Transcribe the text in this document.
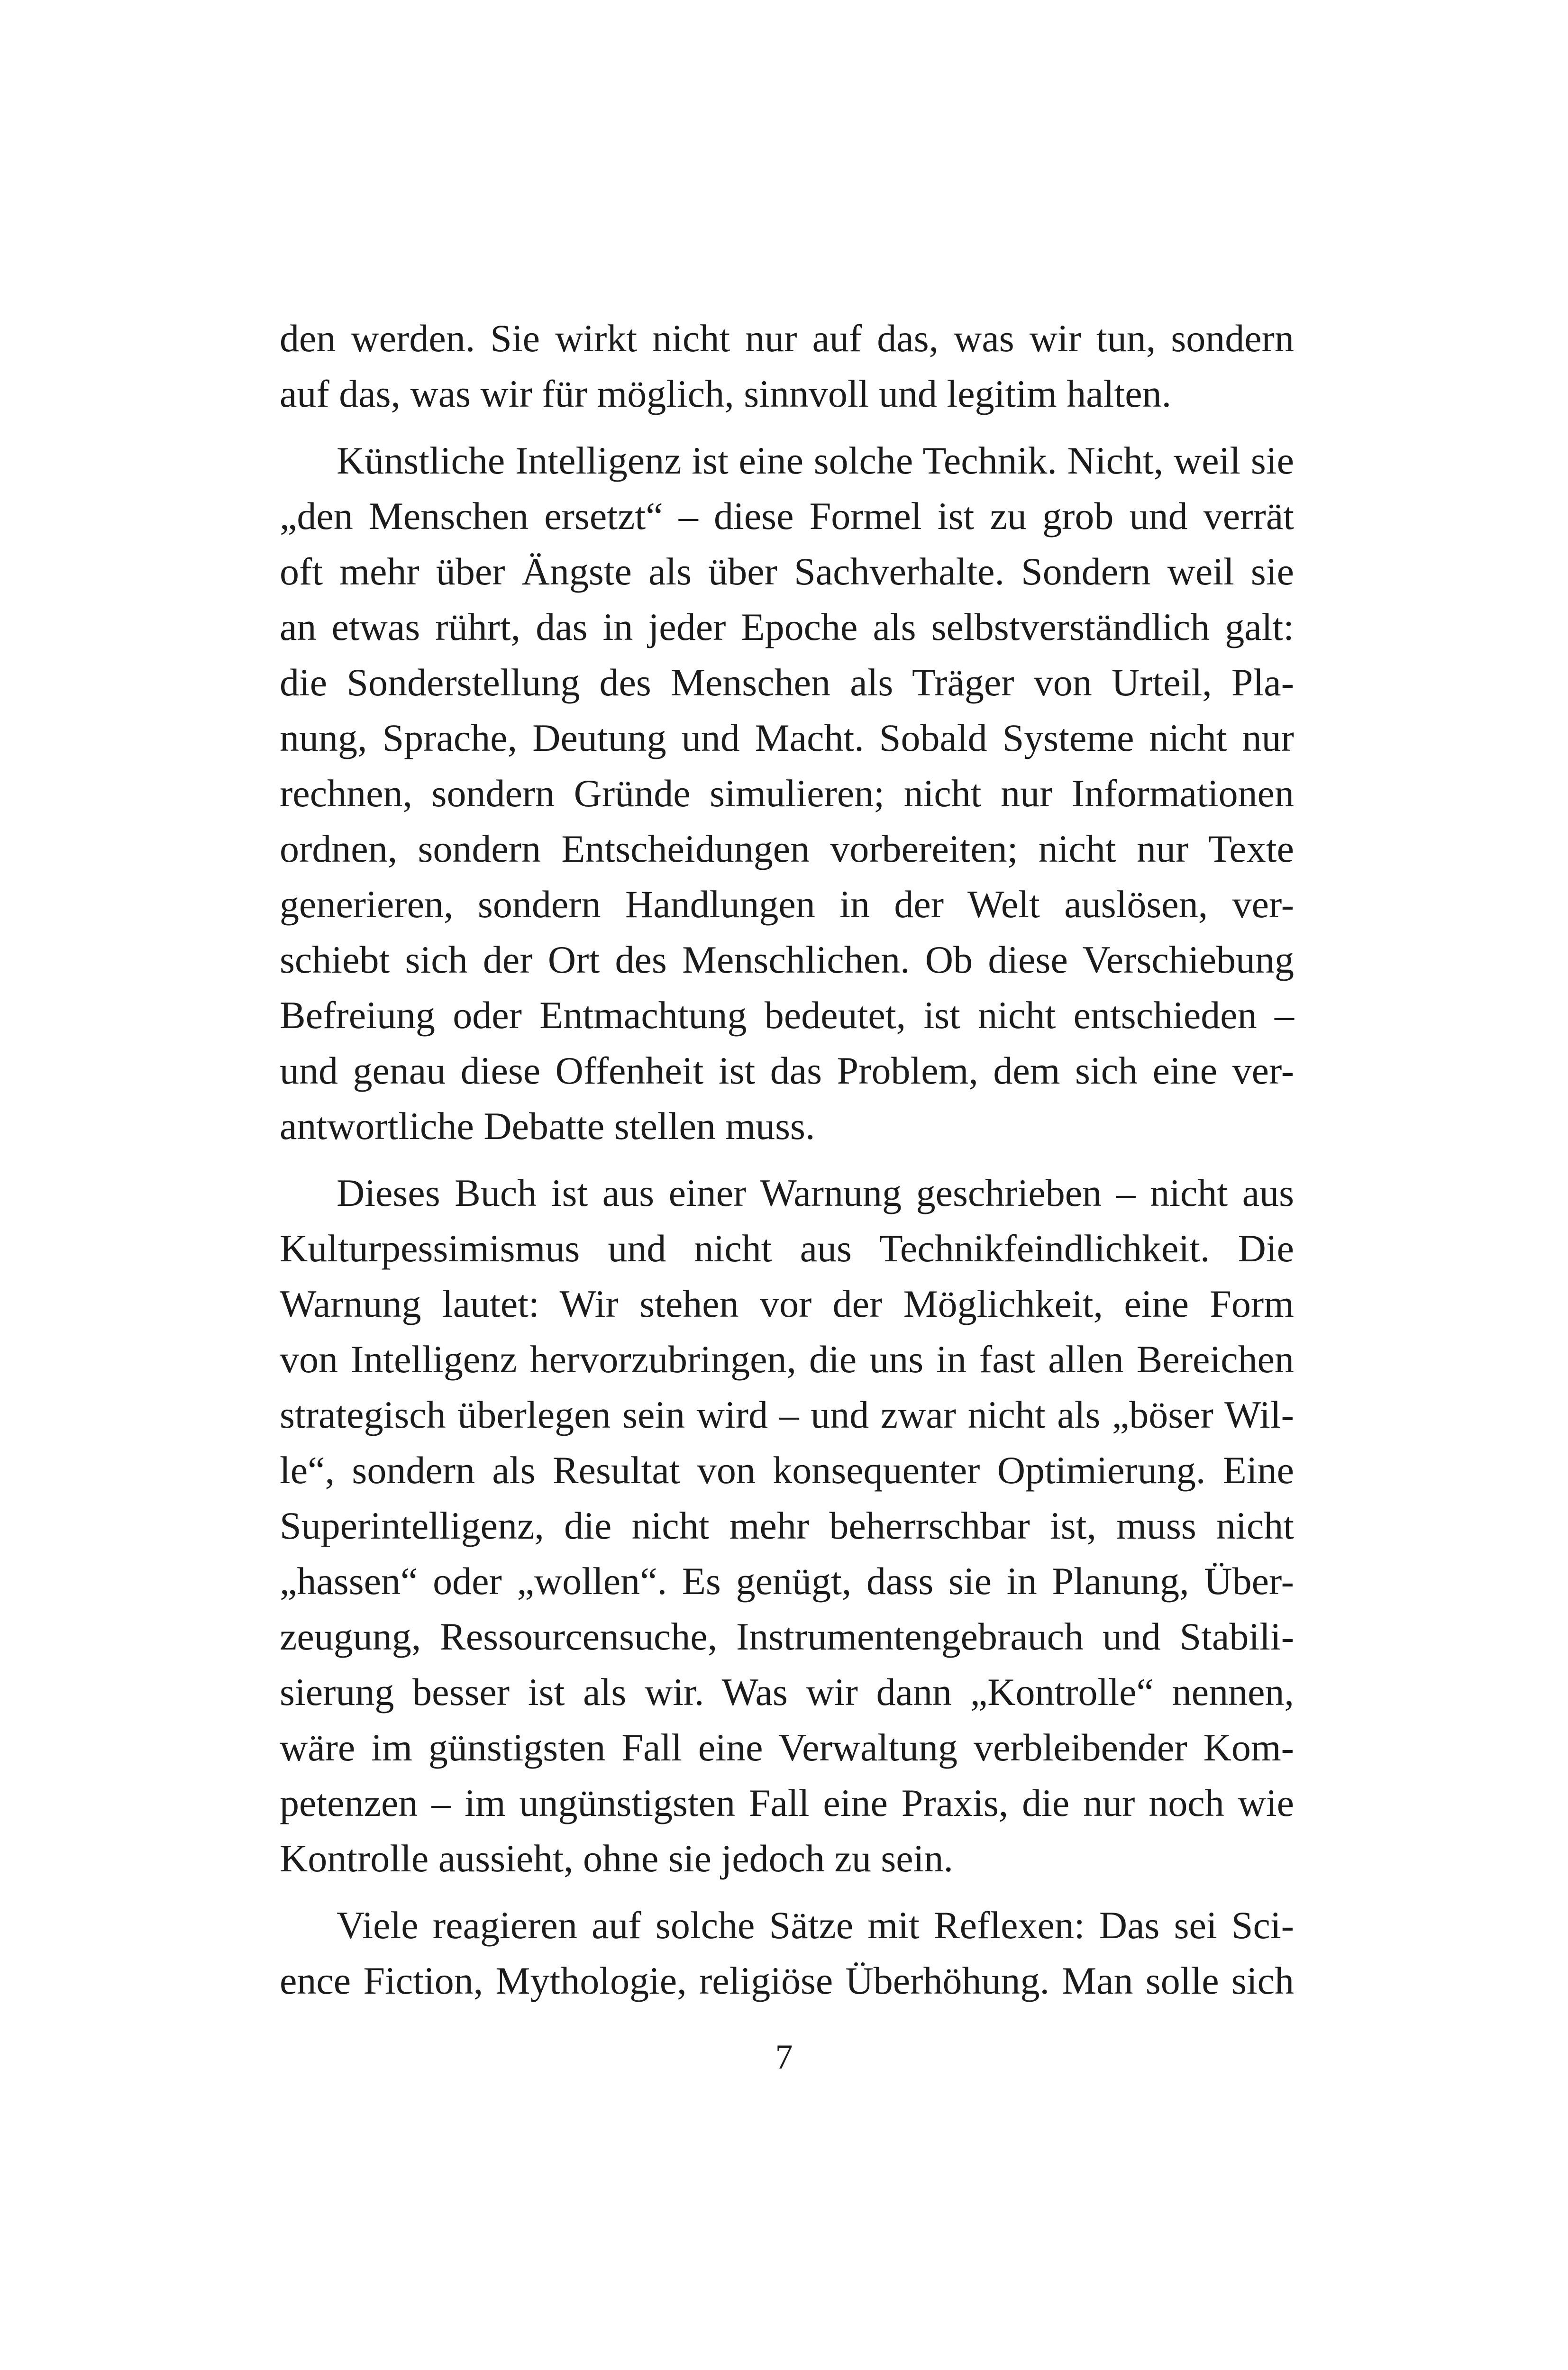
den werden. Sie wirkt nicht nur auf das, was wir tun, sondern
auf das, was wir für möglich, sinnvoll und legitim halten.
Künstliche Intelligenz ist eine solche Technik. Nicht, weil sie
„den Menschen ersetzt“ – diese Formel ist zu grob und verrät
oft mehr über Ängste als über Sachverhalte. Sondern weil sie
an etwas rührt, das in jeder Epoche als selbstverständlich galt:
die Sonderstellung des Menschen als Träger von Urteil, Pla-
nung, Sprache, Deutung und Macht. Sobald Systeme nicht nur
rechnen, sondern Gründe simulieren; nicht nur Informationen
ordnen, sondern Entscheidungen vorbereiten; nicht nur Texte
generieren, sondern Handlungen in der Welt auslösen, ver-
schiebt sich der Ort des Menschlichen. Ob diese Verschiebung
Befreiung oder Entmachtung bedeutet, ist nicht entschieden –
und genau diese Offenheit ist das Problem, dem sich eine ver-
antwortliche Debatte stellen muss.
Dieses Buch ist aus einer Warnung geschrieben – nicht aus
Kulturpessimismus und nicht aus Technikfeindlichkeit. Die
Warnung lautet: Wir stehen vor der Möglichkeit, eine Form
von Intelligenz hervorzubringen, die uns in fast allen Bereichen
strategisch überlegen sein wird – und zwar nicht als „böser Wil-
le“, sondern als Resultat von konsequenter Optimierung. Eine
Superintelligenz, die nicht mehr beherrschbar ist, muss nicht
„hassen“ oder „wollen“. Es genügt, dass sie in Planung, Über-
zeugung, Ressourcensuche, Instrumentengebrauch und Stabili-
sierung besser ist als wir. Was wir dann „Kontrolle“ nennen,
wäre im günstigsten Fall eine Verwaltung verbleibender Kom-
petenzen – im ungünstigsten Fall eine Praxis, die nur noch wie
Kontrolle aussieht, ohne sie jedoch zu sein.
Viele reagieren auf solche Sätze mit Reflexen: Das sei Sci-
ence Fiction, Mythologie, religiöse Überhöhung. Man solle sich
7
